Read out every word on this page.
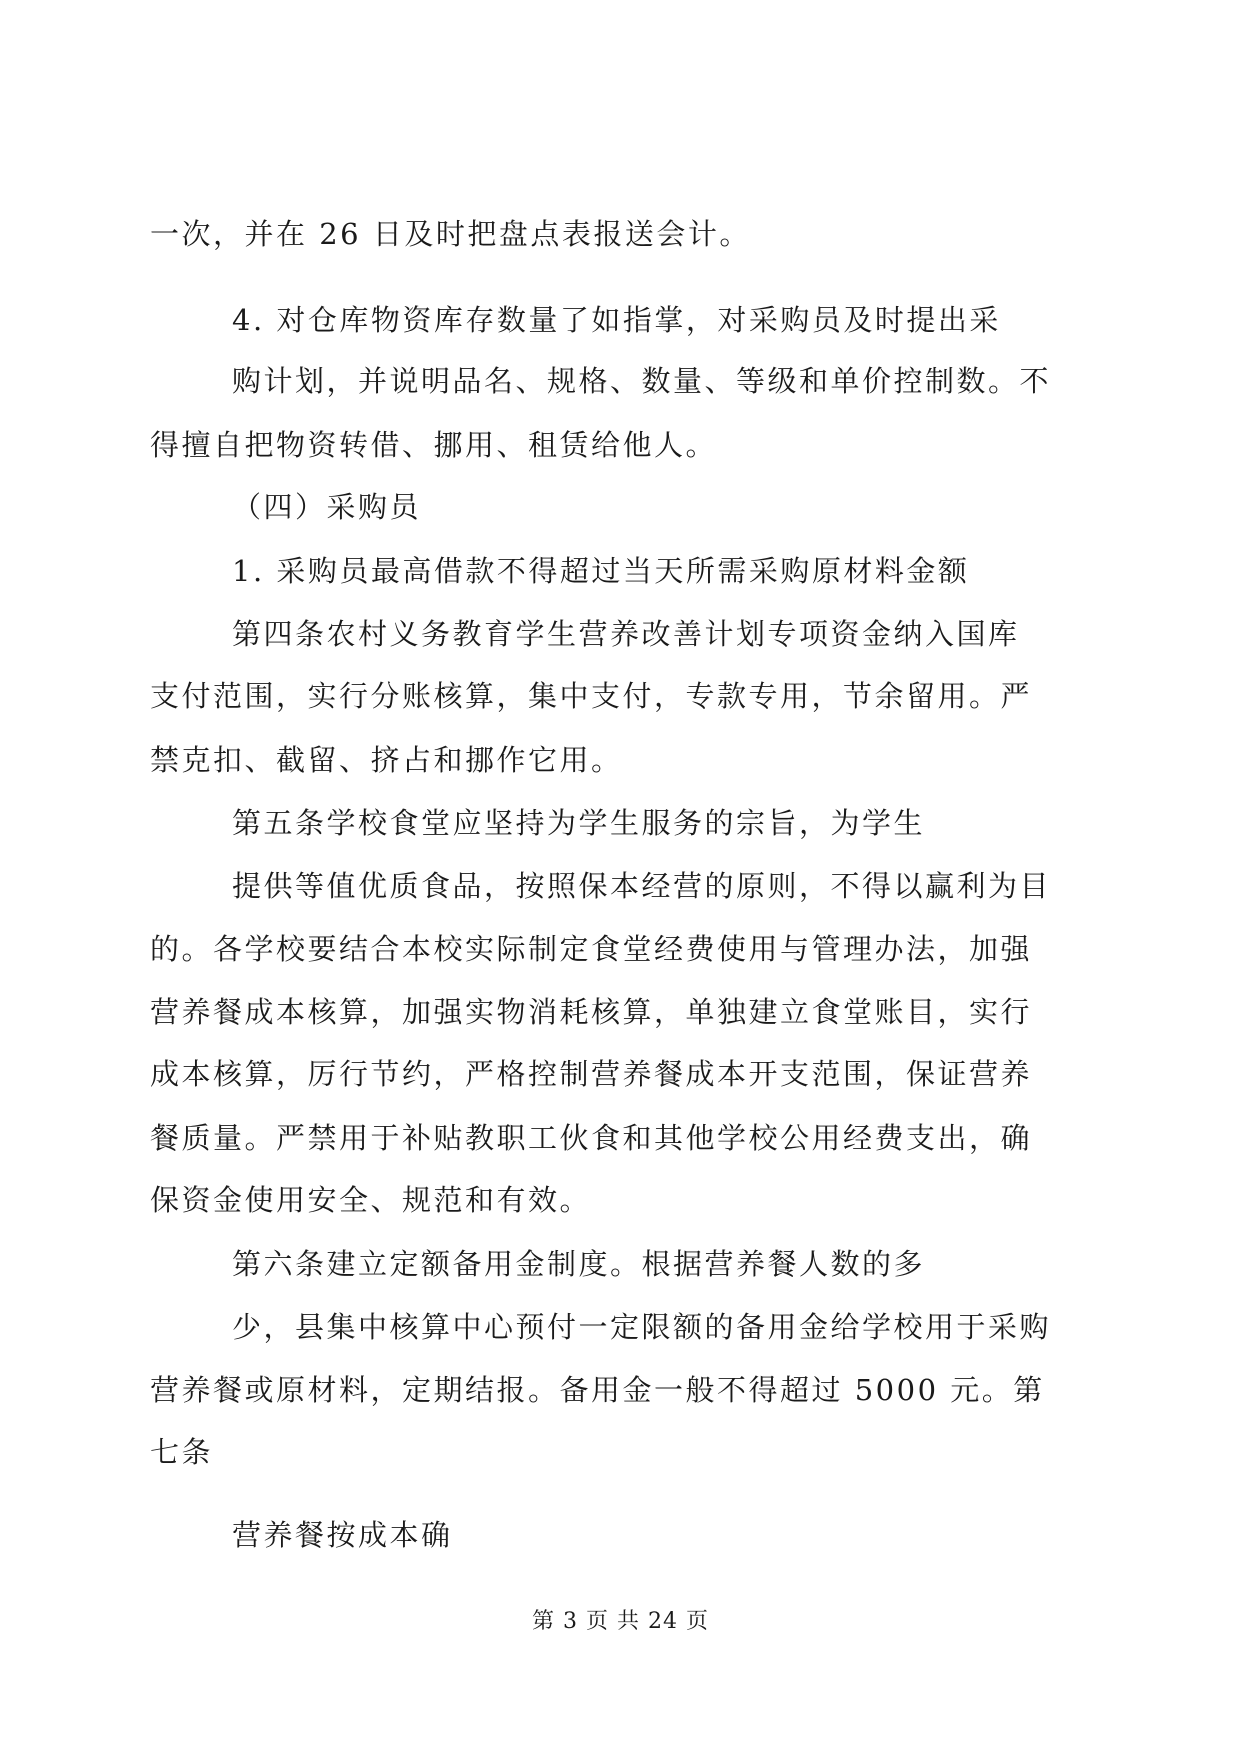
一次，并在 26 日及时把盘点表报送会计。
4. 对仓库物资库存数量了如指掌，对采购员及时提出采
购计划，并说明品名、规格、数量、等级和单价控制数。不
得擅自把物资转借、挪用、租赁给他人。
（四）采购员
1. 采购员最高借款不得超过当天所需采购原材料金额
第四条农村义务教育学生营养改善计划专项资金纳入国库
支付范围，实行分账核算，集中支付，专款专用，节余留用。严
禁克扣、截留、挤占和挪作它用。
第五条学校食堂应坚持为学生服务的宗旨，为学生
提供等值优质食品，按照保本经营的原则，不得以赢利为目
的。各学校要结合本校实际制定食堂经费使用与管理办法，加强
营养餐成本核算，加强实物消耗核算，单独建立食堂账目，实行
成本核算，厉行节约，严格控制营养餐成本开支范围，保证营养
餐质量。严禁用于补贴教职工伙食和其他学校公用经费支出，确
保资金使用安全、规范和有效。
第六条建立定额备用金制度。根据营养餐人数的多
少，县集中核算中心预付一定限额的备用金给学校用于采购
营养餐或原材料，定期结报。备用金一般不得超过 5000 元。第
七条
营养餐按成本确
第 3 页 共 24 页
